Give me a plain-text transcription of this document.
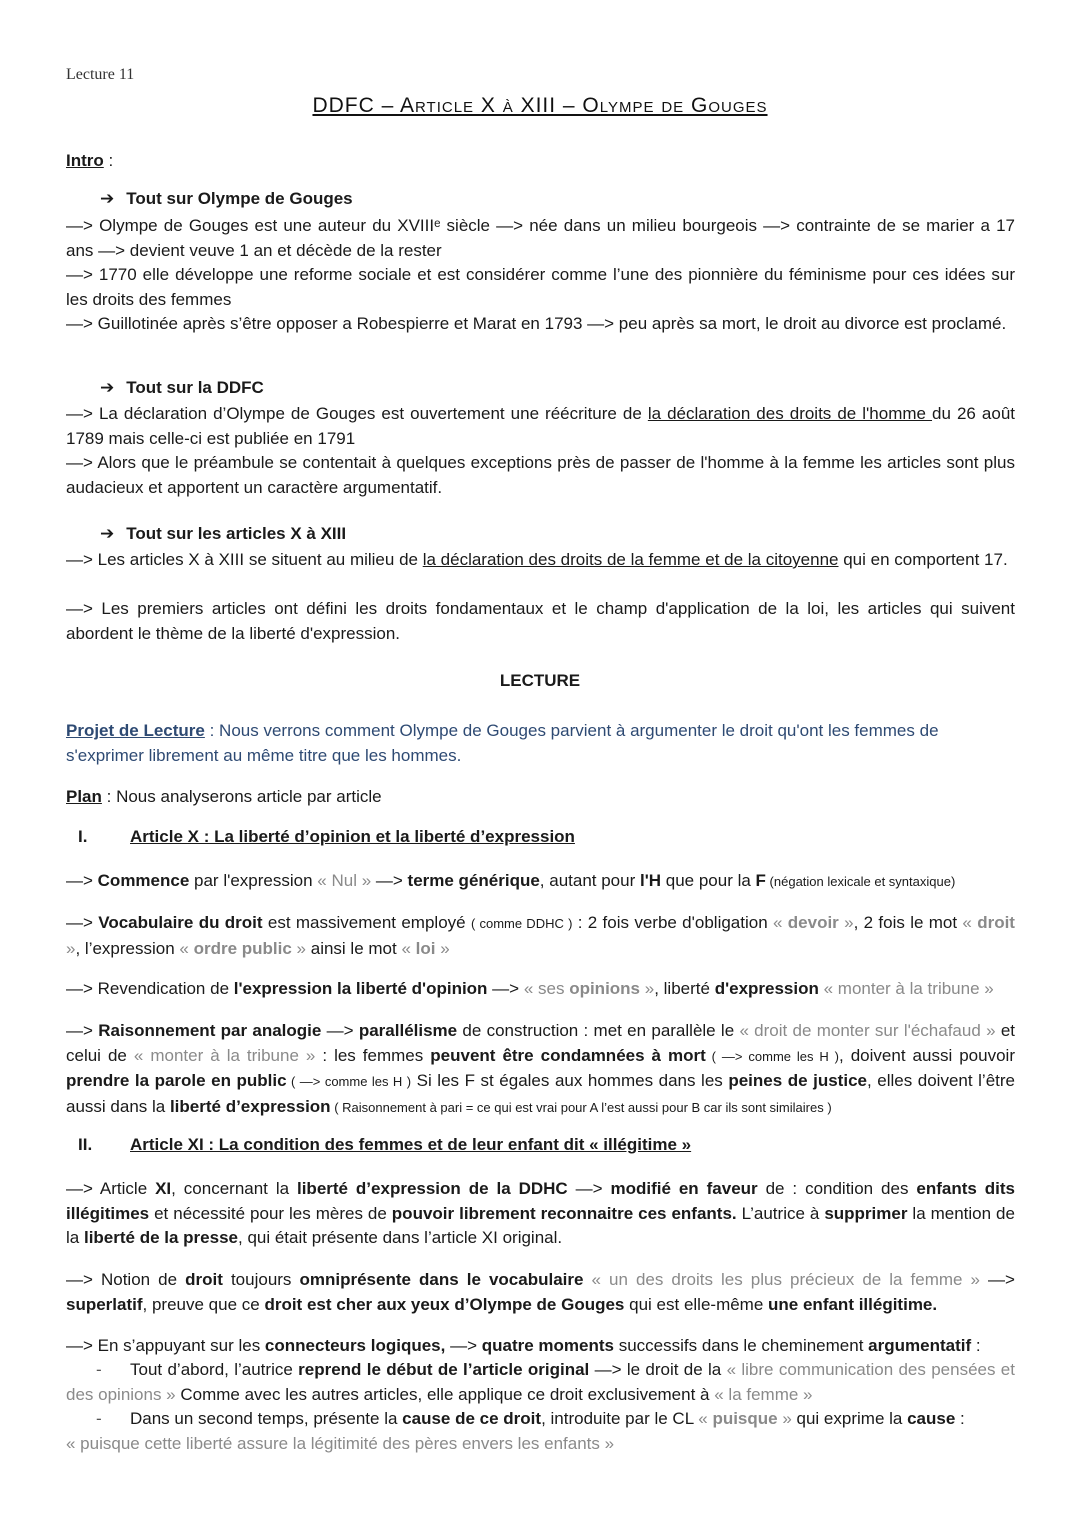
Lecture 11
DDFC – Article X à XIII – Olympe de Gouges
Intro :
➔ Tout sur Olympe de Gouges
—> Olympe de Gouges est une auteur du XVIIIᵉ siècle —> née dans un milieu bourgeois —> contrainte de se marier a 17 ans —> devient veuve 1 an et décède de la rester
—> 1770 elle développe une reforme sociale et est considérer comme l’une des pionnière du féminisme pour ces idées sur les droits des femmes
—> Guillotinée après s’être opposer a Robespierre et Marat en 1793 —> peu après sa mort, le droit au divorce est proclamé.
➔ Tout sur la DDFC
—> La déclaration d’Olympe de Gouges est ouvertement une réécriture de la déclaration des droits de l'homme du 26 août 1789 mais celle-ci est publiée en 1791
—> Alors que le préambule se contentait à quelques exceptions près de passer de l'homme à la femme les articles sont plus audacieux et apportent un caractère argumentatif.
➔ Tout sur les articles X à XIII
—> Les articles X à XIII se situent au milieu de la déclaration des droits de la femme et de la citoyenne qui en comportent 17.
—> Les premiers articles ont défini les droits fondamentaux et le champ d'application de la loi, les articles qui suivent abordent le thème de la liberté d'expression.
LECTURE
Projet de Lecture : Nous verrons comment Olympe de Gouges parvient à argumenter le droit qu'ont les femmes de s'exprimer librement au même titre que les hommes.
Plan : Nous analyserons article par article
I.	Article X : La liberté d’opinion et la liberté d’expression
—> Commence par l'expression « Nul » —> terme générique, autant pour l'H que pour la F (négation lexicale et syntaxique)
—> Vocabulaire du droit est massivement employé ( comme DDHC ) : 2 fois verbe d'obligation « devoir », 2 fois le mot « droit », l’expression « ordre public » ainsi le mot « loi »
—> Revendication de l'expression la liberté d'opinion —> « ses opinions », liberté d'expression « monter à la tribune »
—> Raisonnement par analogie —> parallélisme de construction : met en parallèle le « droit de monter sur l'échafaud » et celui de « monter à la tribune » : les femmes peuvent être condamnées à mort ( —> comme les H ), doivent aussi pouvoir prendre la parole en public ( —> comme les H ) Si les F st égales aux hommes dans les peines de justice, elles doivent l’être aussi dans la liberté d’expression ( Raisonnement à pari = ce qui est vrai pour A l’est aussi pour B car ils sont similaires )
II. Article XI : La condition des femmes et de leur enfant dit « illégitime »
—> Article XI, concernant la liberté d’expression de la DDHC —> modifié en faveur de : condition des enfants dits illégitimes et nécessité pour les mères de pouvoir librement reconnaitre ces enfants. L’autrice à supprimer la mention de la liberté de la presse, qui était présente dans l’article XI original.
—> Notion de droit toujours omniprésente dans le vocabulaire « un des droits les plus précieux de la femme » —> superlatif, preuve que ce droit est cher aux yeux d’Olympe de Gouges qui est elle-même une enfant illégitime.
—> En s’appuyant sur les connecteurs logiques, —> quatre moments successifs dans le cheminement argumentatif :
- Tout d’abord, l’autrice reprend le début de l’article original —> le droit de la « libre communication des pensées et des opinions » Comme avec les autres articles, elle applique ce droit exclusivement à « la femme »
- Dans un second temps, présente la cause de ce droit, introduite par le CL « puisque » qui exprime la cause :
« puisque cette liberté assure la légitimité des pères envers les enfants »
